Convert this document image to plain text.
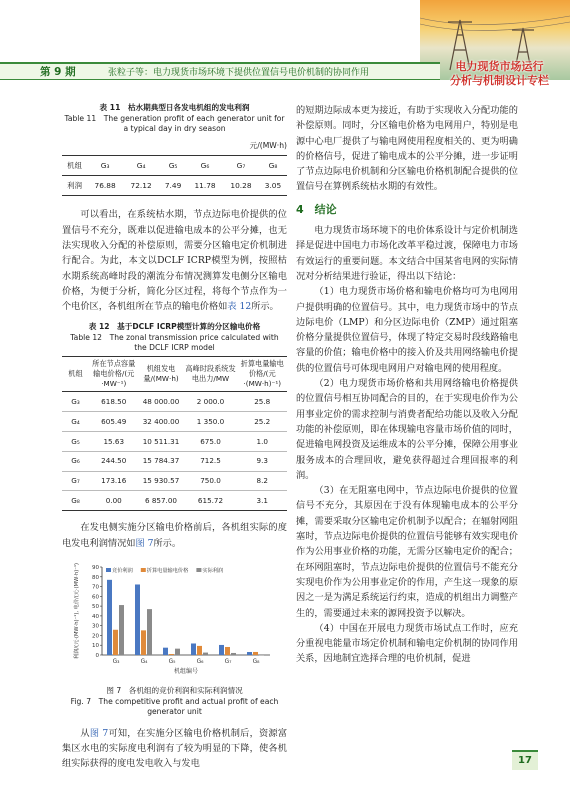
第 9 期	张粒子等：电力现货市场环境下提供位置信号电价机制的协同作用	电力现货市场运行
分析与机制设计专栏
表 11　枯水期典型日各发电机组的发电利润
Table 11　The generation profit of each generator unit for
a typical day in dry season
元/(MW·h)
机组	G₃	G₄	G₅	G₆	G₇	G₈
利润	76.88	72.12	7.49	11.78	10.28	3.05

可以看出，在系统枯水期，节点边际电价提供的位置信号不充分，既难以促进输电成本的公平分摊，也无法实现收入分配的补偿原则，需要分区输电定价机制进行配合。为此，本文以DCLF ICRP模型为例，按照枯水期系统高峰时段的潮流分布情况测算发电侧分区输电价格，为便于分析，简化分区过程，将每个节点作为一个电价区，各机组所在节点的输电价格如表 12所示。

表 12　基于DCLF ICRP模型计算的分区输电价格
Table 12　The zonal transmission price calculated with
the DCLF ICRP model
机组	所在节点容量输电价格/(元·MW⁻¹)	机组发电量/(MW·h)	高峰时段系统发电出力/MW	折算电量输电价格/(元·(MW·h)⁻¹)
G₃	618.50	48 000.00	2 000.0	25.8
G₄	605.49	32 400.00	1 350.0	25.2
G₅	15.63	10 511.31	675.0	1.0
G₆	244.50	15 784.37	712.5	9.3
G₇	173.16	15 930.57	750.0	8.2
G₈	0.00	6 857.00	615.72	3.1

在发电侧实施分区输电价格前后，各机组实际的度电发电利润情况如图 7所示。

0
10
20
30
40
50
60
70
80
90
利润/(元·(MW·h)⁻¹), 电价/(元·(MW·h)⁻¹)
G₃	G₄	G₅	G₆	G₇	G₈
机组编号
竞价利润	折算电量输电价格	实际利润
图 7　各机组的竞价利润和实际利润情况
Fig. 7　The competitive profit and actual profit of each
generator unit

从图 7可知，在实施分区输电价格机制后，资源富集区水电的实际度电利润有了较为明显的下降，使各机组实际获得的度电发电收入与发电

的短期边际成本更为接近，有助于实现收入分配功能的补偿原则。同时，分区输电价格为电网用户，特别是电源中心电厂提供了与输电网使用程度相关的、更为明确的价格信号，促进了输电成本的公平分摊，进一步证明了节点边际电价机制和分区输电价格机制配合提供的位置信号在算例系统枯水期的有效性。

4　结论

电力现货市场环境下的电价体系设计与定价机制选择是促进中国电力市场化改革平稳过渡，保障电力市场有效运行的重要问题。本文结合中国某省电网的实际情况对分析结果进行验证，得出以下结论：

（1）电力现货市场价格和输电价格均可为电网用户提供明确的位置信号。其中，电力现货市场中的节点边际电价（LMP）和分区边际电价（ZMP）通过阻塞价格分量提供位置信号，体现了特定交易时段线路输电容量的价值；输电价格中的接入价及共用网络输电价提供的位置信号可体现电网用户对输电网的使用程度。

（2）电力现货市场价格和共用网络输电价格提供的位置信号相互协同配合的目的，在于实现电价作为公用事业定价的需求控制与消费者配给功能以及收入分配功能的补偿原则，即在体现输电容量市场价值的同时，促进输电网投资及运维成本的公平分摊，保障公用事业服务成本的合理回收，避免获得超过合理回报率的利润。

（3）在无阻塞电网中，节点边际电价提供的位置信号不充分，其原因在于没有体现输电成本的公平分摊，需要采取分区输电定价机制予以配合；在辐射网阻塞时，节点边际电价提供的位置信号能够有效实现电价作为公用事业价格的功能，无需分区输电定价的配合；在环网阻塞时，节点边际电价提供的位置信号不能充分实现电价作为公用事业定价的作用，产生这一现象的原因之一是为满足系统运行约束，造成的机组出力调整产生的，需要通过未来的源网投资予以解决。

（4）中国在开展电力现货市场试点工作时，应充分重视电能量市场定价机制和输电定价机制的协同作用关系，因地制宜选择合理的电价机制，促进

17
